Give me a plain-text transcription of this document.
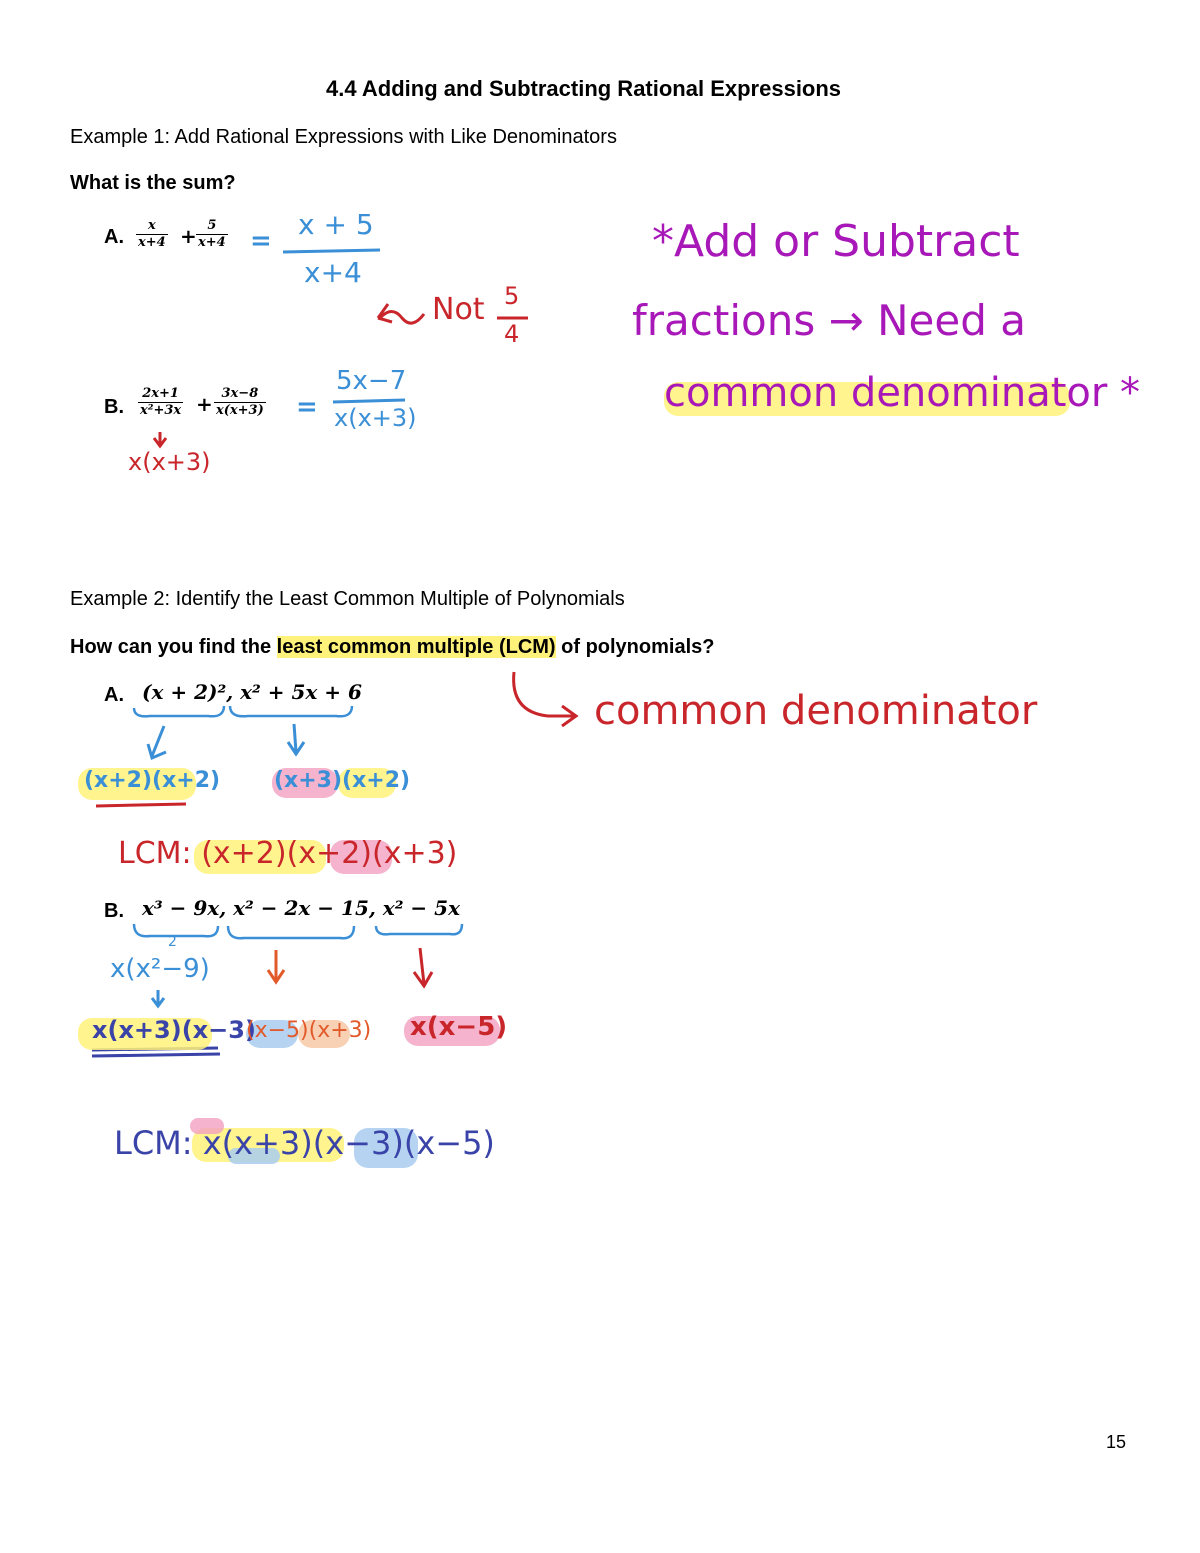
4.4 Adding and Subtracting Rational Expressions
Example 1: Add Rational Expressions with Like Denominators
What is the sum?
A.
x
x+4 + 5
x+4 = x + 5
x+4
Not 5
4
B.
2x+1
x²+3x + 3x−8
x(x+3) =
5x−7
x(x+3)
x(x+3)
*Add or Subtract
fractions → Need a
common denominator *
Example 2: Identify the Least Common Multiple of Polynomials
How can you find the least common multiple (LCM) of polynomials?
common denominator
A. (x + 2)², x² + 5x + 6
(x+2)(x+2) (x+3)(x+2)
LCM: (x+2)(x+2)(x+3)
B. x³ − 9x, x² − 2x − 15, x² − 5x
x(x²−9)
2
x(x+3)(x−3)
(x−5)(x+3) x(x−5)
LCM: x(x+3)(x−3)(x−5)
15
